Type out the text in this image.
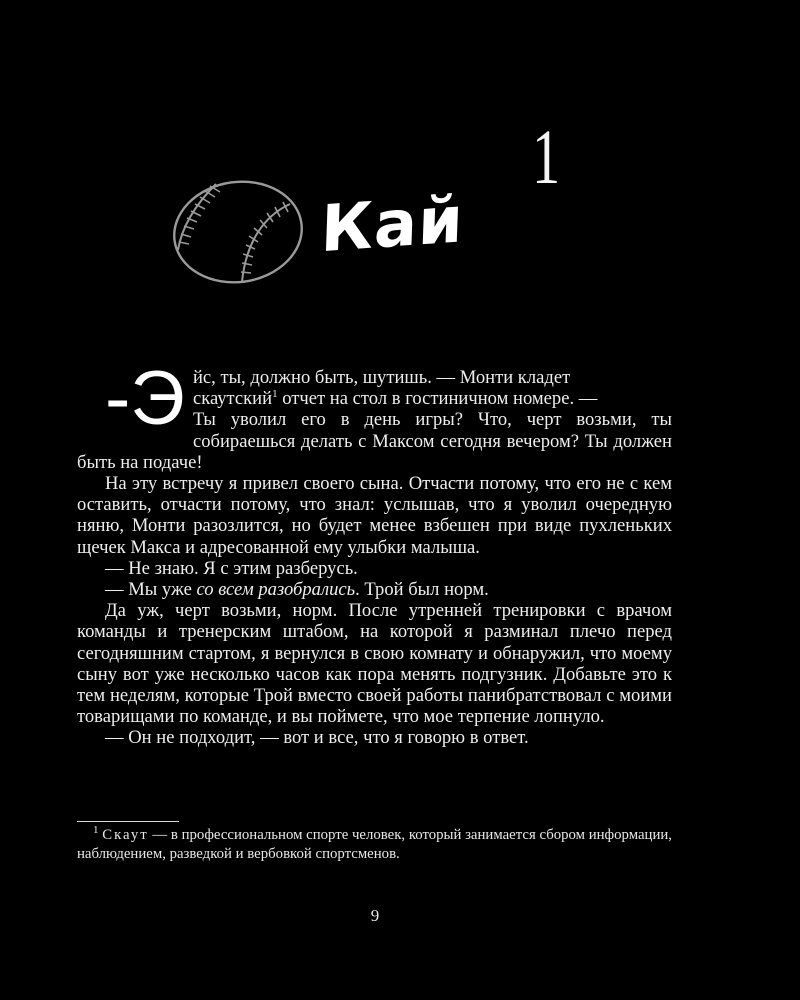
1
Кай

-Э йс, ты, должно быть, шутишь. — Монти кладет
скаутский$^1$ отчет на стол в гостиничном номере. —
Ты уволил его в день игры? Что, черт возьми, ты собираешься делать с Максом сегодня вечером? Ты должен быть на подаче!

На эту встречу я привел своего сына. Отчасти потому, что его не с кем оставить, отчасти потому, что знал: услышав, что я уволил очередную няню, Монти разозлится, но будет менее взбешен при виде пухленьких щечек Макса и адресованной ему улыбки малыша.

— Не знаю. Я с этим разберусь.

— Мы уже со всем разобрались. Трой был норм.

Да уж, черт возьми, норм. После утренней тренировки с врачом команды и тренерским штабом, на которой я разминал плечо перед сегодняшним стартом, я вернулся в свою комнату и обнаружил, что моему сыну вот уже несколько часов как пора менять подгузник. Добавьте это к тем неделям, которые Трой вместо своей работы панибратствовал с моими товарищами по команде, и вы поймете, что мое терпение лопнуло.

— Он не подходит, — вот и все, что я говорю в ответ.

$^1$ Скаут — в профессиональном спорте человек, который занимается сбором информации, наблюдением, разведкой и вербовкой спортсменов.
9
